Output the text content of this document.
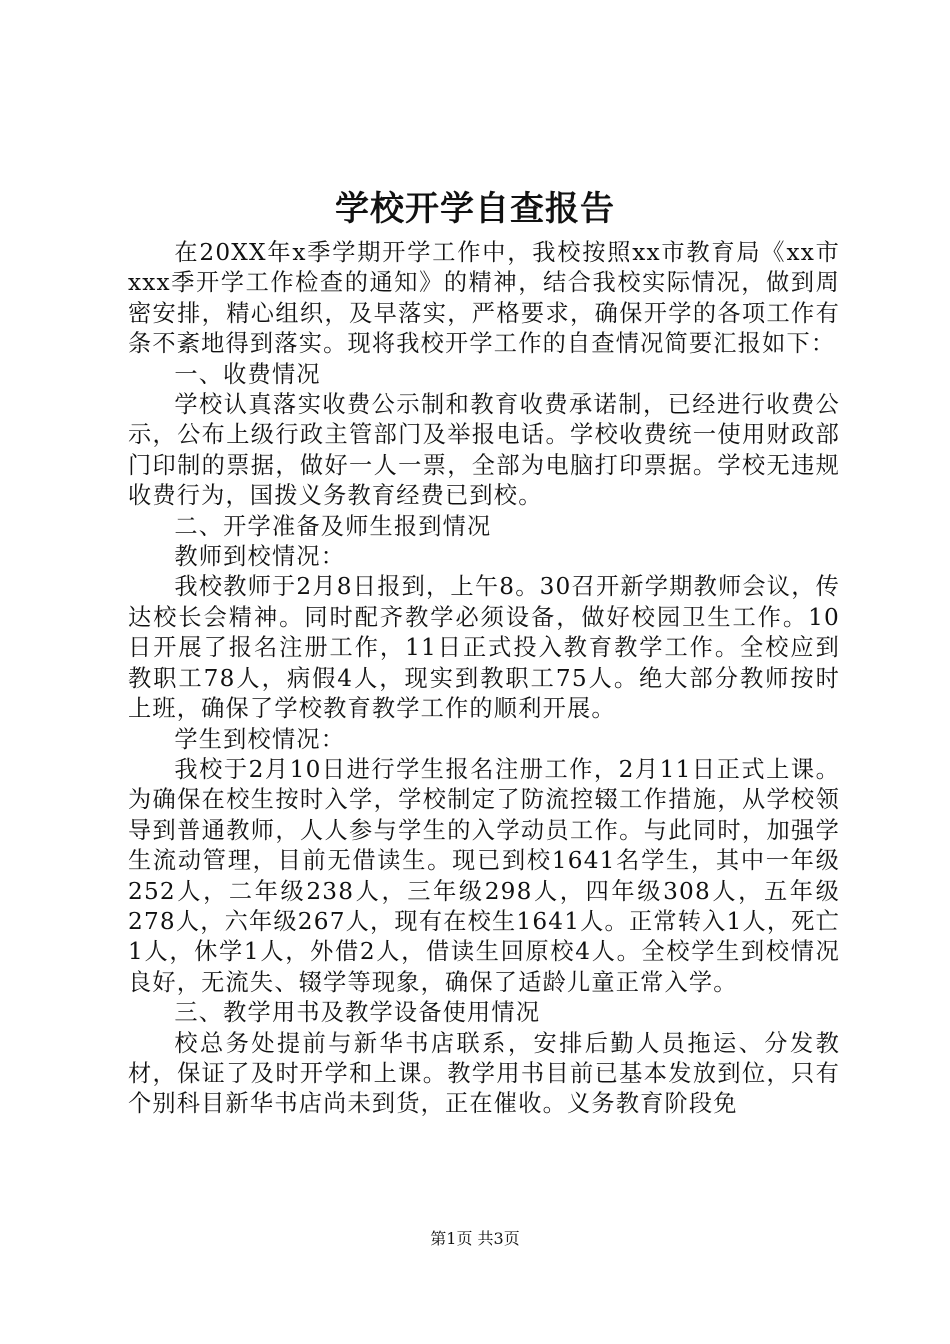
学校开学自查报告

在20XX年x季学期开学工作中，我校按照xx市教育局《xx市xxx季开学工作检查的通知》的精神，结合我校实际情况，做到周密安排，精心组织，及早落实，严格要求，确保开学的各项工作有条不紊地得到落实。现将我校开学工作的自查情况简要汇报如下：

一、收费情况

学校认真落实收费公示制和教育收费承诺制，已经进行收费公示，公布上级行政主管部门及举报电话。学校收费统一使用财政部门印制的票据，做好一人一票，全部为电脑打印票据。学校无违规收费行为，国拨义务教育经费已到校。

二、开学准备及师生报到情况

教师到校情况：

我校教师于2月8日报到，上午8。30召开新学期教师会议，传达校长会精神。同时配齐教学必须设备，做好校园卫生工作。10日开展了报名注册工作，11日正式投入教育教学工作。全校应到教职工78人，病假4人，现实到教职工75人。绝大部分教师按时上班，确保了学校教育教学工作的顺利开展。

学生到校情况：

我校于2月10日进行学生报名注册工作，2月11日正式上课。为确保在校生按时入学，学校制定了防流控辍工作措施，从学校领导到普通教师，人人参与学生的入学动员工作。与此同时，加强学生流动管理，目前无借读生。现已到校1641名学生，其中一年级252人，二年级238人，三年级298人，四年级308人，五年级278人，六年级267人，现有在校生1641人。正常转入1人，死亡1人，休学1人，外借2人，借读生回原校4人。全校学生到校情况良好，无流失、辍学等现象，确保了适龄儿童正常入学。

三、教学用书及教学设备使用情况

校总务处提前与新华书店联系，安排后勤人员拖运、分发教材，保证了及时开学和上课。教学用书目前已基本发放到位，只有个别科目新华书店尚未到货，正在催收。义务教育阶段免

第1页 共3页
